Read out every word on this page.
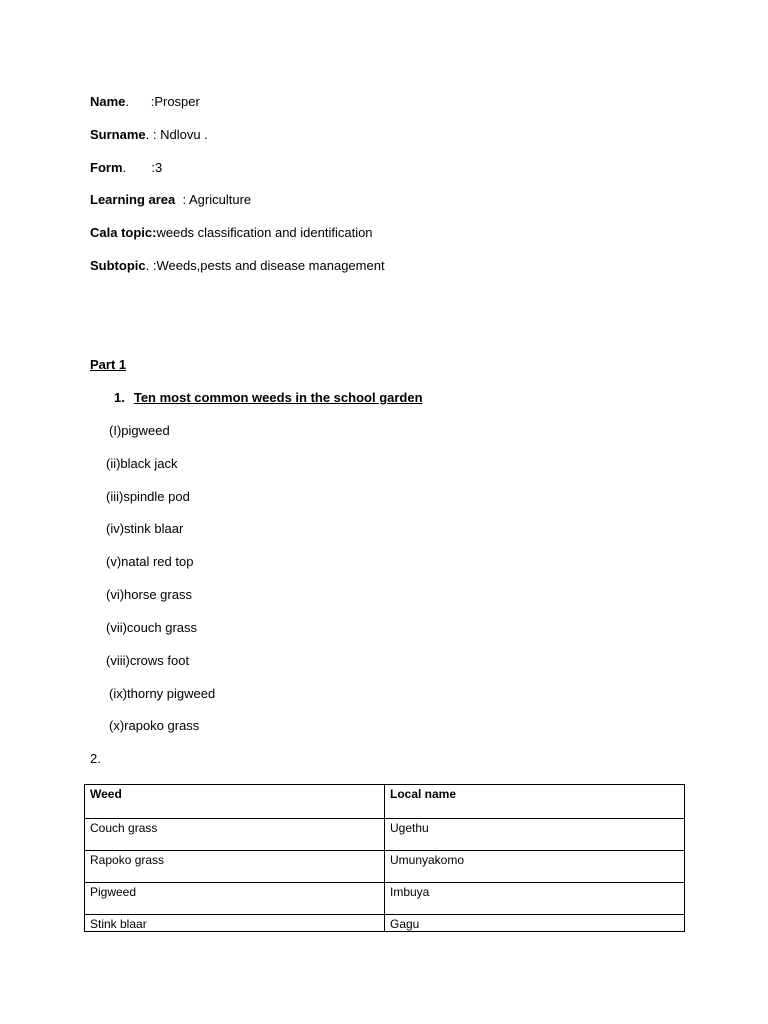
Name.      :Prosper
Surname. : Ndlovu .
Form.       :3
Learning area  : Agriculture
Cala topic:weeds classification and identification
Subtopic. :Weeds,pests and disease management
Part 1
1. Ten most common weeds in the school garden
(I)pigweed
(ii)black jack
(iii)spindle pod
(iv)stink blaar
(v)natal red top
(vi)horse grass
(vii)couch grass
(viii)crows foot
(ix)thorny pigweed
(x)rapoko grass
2.
Weed	Local name
Couch grass	Ugethu
Rapoko grass	Umunyakomo
Pigweed	Imbuya
Stink blaar	Gagu
